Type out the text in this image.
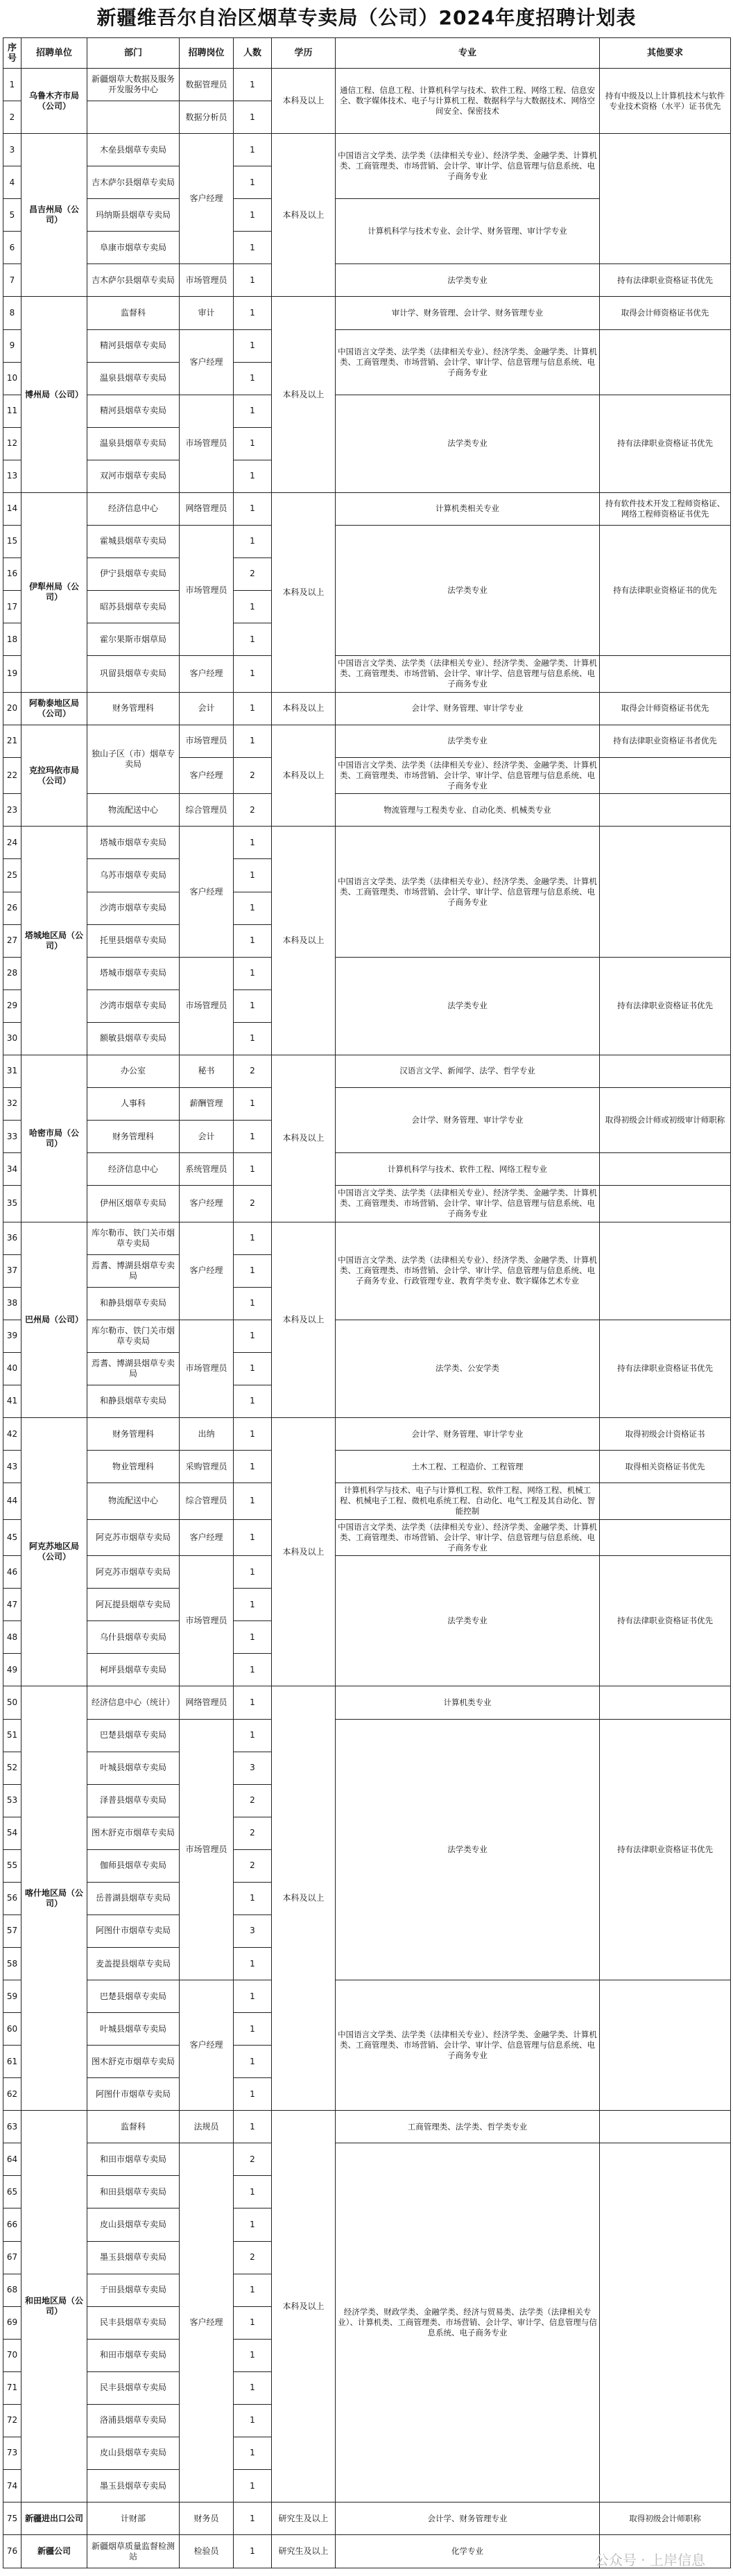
新疆维吾尔自治区烟草专卖局（公司）2024年度招聘计划表
序号	招聘单位	部门	招聘岗位	人数	学历	专业	其他要求
1	乌鲁木齐市局（公司）	新疆烟草大数据及服务开发服务中心	数据管理员	1	本科及以上	通信工程、信息工程、计算机科学与技术、软件工程、网络工程、信息安全、数字媒体技术、电子与计算机工程、数据科学与大数据技术、网络空间安全、保密技术	持有中级及以上计算机技术与软件专业技术资格（水平）证书优先
2			数据分析员	1			
3	昌吉州局（公司）	木垒县烟草专卖局	客户经理	1	本科及以上	中国语言文学类、法学类（法律相关专业）、经济学类、金融学类、计算机类、工商管理类、市场营销、会计学、审计学、信息管理与信息系统、电子商务专业	
4		吉木萨尔县烟草专卖局		1			
5		玛纳斯县烟草专卖局		1		计算机科学与技术专业、会计学、财务管理、审计学专业	
6		阜康市烟草专卖局		1			
7		吉木萨尔县烟草专卖局	市场管理员	1		法学类专业	持有法律职业资格证书优先
8	博州局（公司）	监督科	审计	1	本科及以上	审计学、财务管理、会计学、财务管理专业	取得会计师资格证书优先
9		精河县烟草专卖局	客户经理	1		中国语言文学类、法学类（法律相关专业）、经济学类、金融学类、计算机类、工商管理类、市场营销、会计学、审计学、信息管理与信息系统、电子商务专业	
10		温泉县烟草专卖局		1			
11		精河县烟草专卖局	市场管理员	1		法学类专业	持有法律职业资格证书优先
12		温泉县烟草专卖局		1			
13		双河市烟草专卖局		1			
14	伊犁州局（公司）	经济信息中心	网络管理员	1	本科及以上	计算机类相关专业	持有软件技术开发工程师资格证、网络工程师资格证书优先
15		霍城县烟草专卖局	市场管理员	1		法学类专业	持有法律职业资格证书的优先
16		伊宁县烟草专卖局		2			
17		昭苏县烟草专卖局		1			
18		霍尔果斯市烟草局		1			
19		巩留县烟草专卖局	客户经理	1		中国语言文学类、法学类（法律相关专业）、经济学类、金融学类、计算机类、工商管理类、市场营销、会计学、审计学、信息管理与信息系统、电子商务专业	
20	阿勒泰地区局（公司）	财务管理科	会计	1	本科及以上	会计学、财务管理、审计学专业	取得会计师资格证书优先
21	克拉玛依市局（公司）	独山子区（市）烟草专卖局	市场管理员	1	本科及以上	法学类专业	持有法律职业资格证书者优先
22			客户经理	2		中国语言文学类、法学类（法律相关专业）、经济学类、金融学类、计算机类、工商管理类、市场营销、会计学、审计学、信息管理与信息系统、电子商务专业	
23		物流配送中心	综合管理员	2		物流管理与工程类专业、自动化类、机械类专业	
24	塔城地区局（公司）	塔城市烟草专卖局	客户经理	1	本科及以上	中国语言文学类、法学类（法律相关专业）、经济学类、金融学类、计算机类、工商管理类、市场营销、会计学、审计学、信息管理与信息系统、电子商务专业	
25		乌苏市烟草专卖局		1			
26		沙湾市烟草专卖局		1			
27		托里县烟草专卖局		1			
28		塔城市烟草专卖局	市场管理员	1		法学类专业	持有法律职业资格证书优先
29		沙湾市烟草专卖局		1			
30		额敏县烟草专卖局		1			
31	哈密市局（公司）	办公室	秘书	2	本科及以上	汉语言文学、新闻学、法学、哲学专业	
32		人事科	薪酬管理	1		会计学、财务管理、审计学专业	取得初级会计师或初级审计师职称
33		财务管理科	会计	1			
34		经济信息中心	系统管理员	1		计算机科学与技术、软件工程、网络工程专业	
35		伊州区烟草专卖局	客户经理	2		中国语言文学类、法学类（法律相关专业）、经济学类、金融学类、计算机类、工商管理类、市场营销、会计学、审计学、信息管理与信息系统、电子商务专业	
36	巴州局（公司）	库尔勒市、铁门关市烟草专卖局	客户经理	1	本科及以上	中国语言文学类、法学类（法律相关专业）、经济学类、金融学类、计算机类、工商管理类、市场营销、会计学、审计学、信息管理与信息系统、电子商务专业、行政管理专业、教育学类专业、数字媒体艺术专业	
37		焉耆、博湖县烟草专卖局		1			
38		和静县烟草专卖局		1			
39		库尔勒市、铁门关市烟草专卖局	市场管理员	1		法学类、公安学类	持有法律职业资格证书优先
40		焉耆、博湖县烟草专卖局		1			
41		和静县烟草专卖局		1			
42	阿克苏地区局（公司）	财务管理科	出纳	1	本科及以上	会计学、财务管理、审计学专业	取得初级会计资格证书
43		物业管理科	采购管理员	1		土木工程、工程造价、工程管理	取得相关资格证书优先
44		物流配送中心	综合管理员	1		计算机科学与技术、电子与计算机工程、软件工程、网络工程、机械工程、机械电子工程、微机电系统工程、自动化、电气工程及其自动化、智能控制	
45		阿克苏市烟草专卖局	客户经理	1		中国语言文学类、法学类（法律相关专业）、经济学类、金融学类、计算机类、工商管理类、市场营销、会计学、审计学、信息管理与信息系统、电子商务专业	
46		阿克苏市烟草专卖局	市场管理员	1		法学类专业	持有法律职业资格证书优先
47		阿瓦提县烟草专卖局		1			
48		乌什县烟草专卖局		1			
49		柯坪县烟草专卖局		1			
50	喀什地区局（公司）	经济信息中心（统计）	网络管理员	1	本科及以上	计算机类专业	
51		巴楚县烟草专卖局	市场管理员	1		法学类专业	持有法律职业资格证书优先
52		叶城县烟草专卖局		3			
53		泽普县烟草专卖局		2			
54		图木舒克市烟草专卖局		2			
55		伽师县烟草专卖局		2			
56		岳普湖县烟草专卖局		1			
57		阿图什市烟草专卖局		3			
58		麦盖提县烟草专卖局		1			
59		巴楚县烟草专卖局	客户经理	1		中国语言文学类、法学类（法律相关专业）、经济学类、金融学类、计算机类、工商管理类、市场营销、会计学、审计学、信息管理与信息系统、电子商务专业	
60		叶城县烟草专卖局		1			
61		图木舒克市烟草专卖局		1			
62		阿图什市烟草专卖局		1			
63	和田地区局（公司）	监督科	法规员	1	本科及以上	工商管理类、法学类、哲学类专业	
64		和田市烟草专卖局	客户经理	2		经济学类、财政学类、金融学类、经济与贸易类、法学类（法律相关专业）、计算机类、工商管理类、市场营销、会计学、审计学、信息管理与信息系统、电子商务专业	
65		和田县烟草专卖局		1			
66		皮山县烟草专卖局		1			
67		墨玉县烟草专卖局		2			
68		于田县烟草专卖局		1			
69		民丰县烟草专卖局		1			
70		和田市烟草专卖局		1			
71		民丰县烟草专卖局		1			
72		洛浦县烟草专卖局		1			
73		皮山县烟草专卖局		1			
74		墨玉县烟草专卖局		1			
75	新疆进出口公司	计财部	财务员	1	研究生及以上	会计学、财务管理专业	取得初级会计师职称
76	新疆公司	新疆烟草质量监督检测站	检验员	1	研究生及以上	化学专业	
公众号 · 上岸信息
